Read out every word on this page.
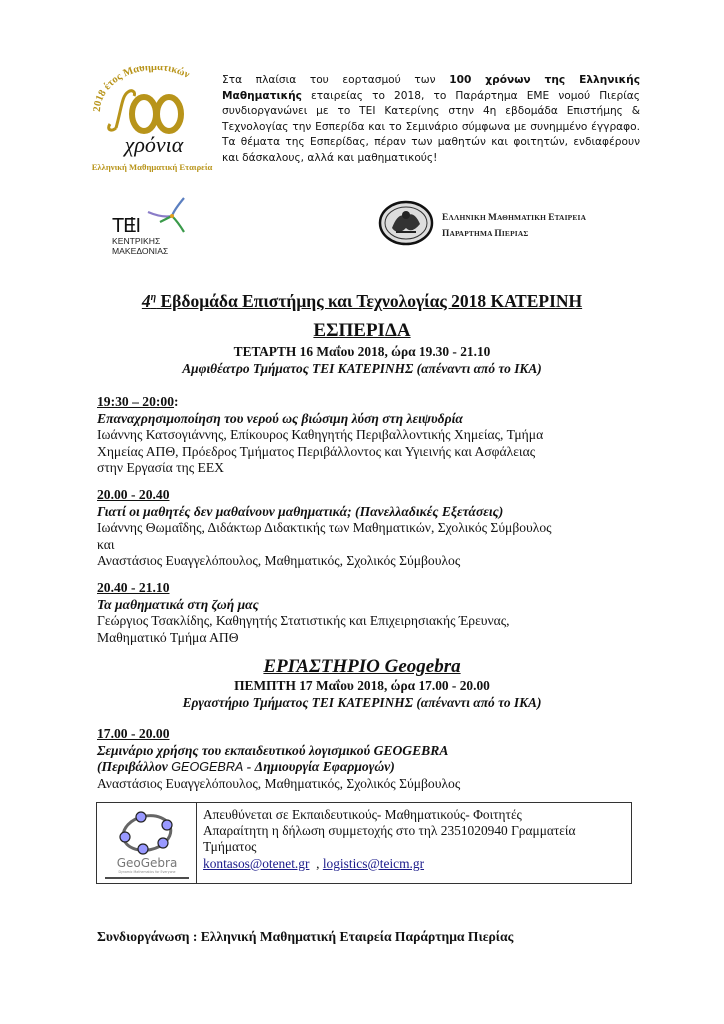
2018 έτος Μαθηματικών
χρόνια
Ελληνική Μαθηματική Εταιρεία
Στα πλαίσια του εορτασμού των 100 χρόνων της Ελληνικής Μαθηματικής εταιρείας το 2018, το Παράρτημα ΕΜΕ νομού Πιερίας συνδιοργανώνει με το ΤΕΙ Κατερίνης στην 4η εβδομάδα Επιστήμης & Τεχνολογίας την Εσπερίδα και το Σεμινάριο σύμφωνα με συνημμένο έγγραφο. Τα θέματα της Εσπερίδας, πέραν των μαθητών και φοιτητών, ενδιαφέρουν και δάσκαλους, αλλά και μαθηματικούς!
ΤΕΙ
ΚΕΝΤΡΙΚΗΣ
ΜΑΚΕΔΟΝΙΑΣ
ΕΛΛΗΝΙΚΗ ΜΑΘΗΜΑΤΙΚΗ ΕΤΑΙΡΕΙΑ
ΠΑΡΑΡΤΗΜΑ ΠΙΕΡΙΑΣ
$4^\eta$ Εβδομάδα Επιστήμης και Τεχνολογίας 2018 ΚΑΤΕΡΙΝΗ
ΕΣΠΕΡΙΔΑ
ΤΕΤΑΡΤΗ 16 Μαΐου 2018, ώρα 19.30 - 21.10
Αμφιθέατρο Τμήματος ΤΕΙ ΚΑΤΕΡΙΝΗΣ (απέναντι από το ΙΚΑ)
19:30 – 20:00:
Επαναχρησιμοποίηση του νερού ως βιώσιμη λύση στη λειψυδρία
Ιωάννης Κατσογιάννης, Επίκουρος Καθηγητής Περιβαλλοντικής Χημείας, Τμήμα
Χημείας ΑΠΘ, Πρόεδρος Τμήματος Περιβάλλοντος και Υγιεινής και Ασφάλειας
στην Εργασία της ΕΕΧ
20.00 - 20.40
Γιατί οι μαθητές δεν μαθαίνουν μαθηματικά; (Πανελλαδικές Εξετάσεις)
Ιωάννης Θωμαΐδης, Διδάκτωρ Διδακτικής των Μαθηματικών, Σχολικός Σύμβουλος
και
Αναστάσιος Ευαγγελόπουλος, Μαθηματικός, Σχολικός Σύμβουλος
20.40 - 21.10
Τα μαθηματικά στη ζωή μας
Γεώργιος Τσακλίδης, Καθηγητής Στατιστικής και Επιχειρησιακής Έρευνας,
Μαθηματικό Τμήμα ΑΠΘ
ΕΡΓΑΣΤΗΡΙΟ Geogebra
ΠΕΜΠΤΗ 17 Μαΐου 2018, ώρα 17.00 - 20.00
Εργαστήριο Τμήματος ΤΕΙ ΚΑΤΕΡΙΝΗΣ (απέναντι από το ΙΚΑ)
17.00 - 20.00
Σεμινάριο χρήσης του εκπαιδευτικού λογισμικού GEOGEBRA
(Περιβάλλον GEOGEBRA - Δημιουργία Εφαρμογών)
Αναστάσιος Ευαγγελόπουλος, Μαθηματικός, Σχολικός Σύμβουλος
GeoGebra
Dynamic Mathematics for Everyone
Απευθύνεται σε Εκπαιδευτικούς- Μαθηματικούς- Φοιτητές
Απαραίτητη η δήλωση συμμετοχής στο τηλ 2351020940 Γραμματεία
Τμήματος
kontasos@otenet.gr  , logistics@teicm.gr
Συνδιοργάνωση : Ελληνική Μαθηματική Εταιρεία Παράρτημα Πιερίας
